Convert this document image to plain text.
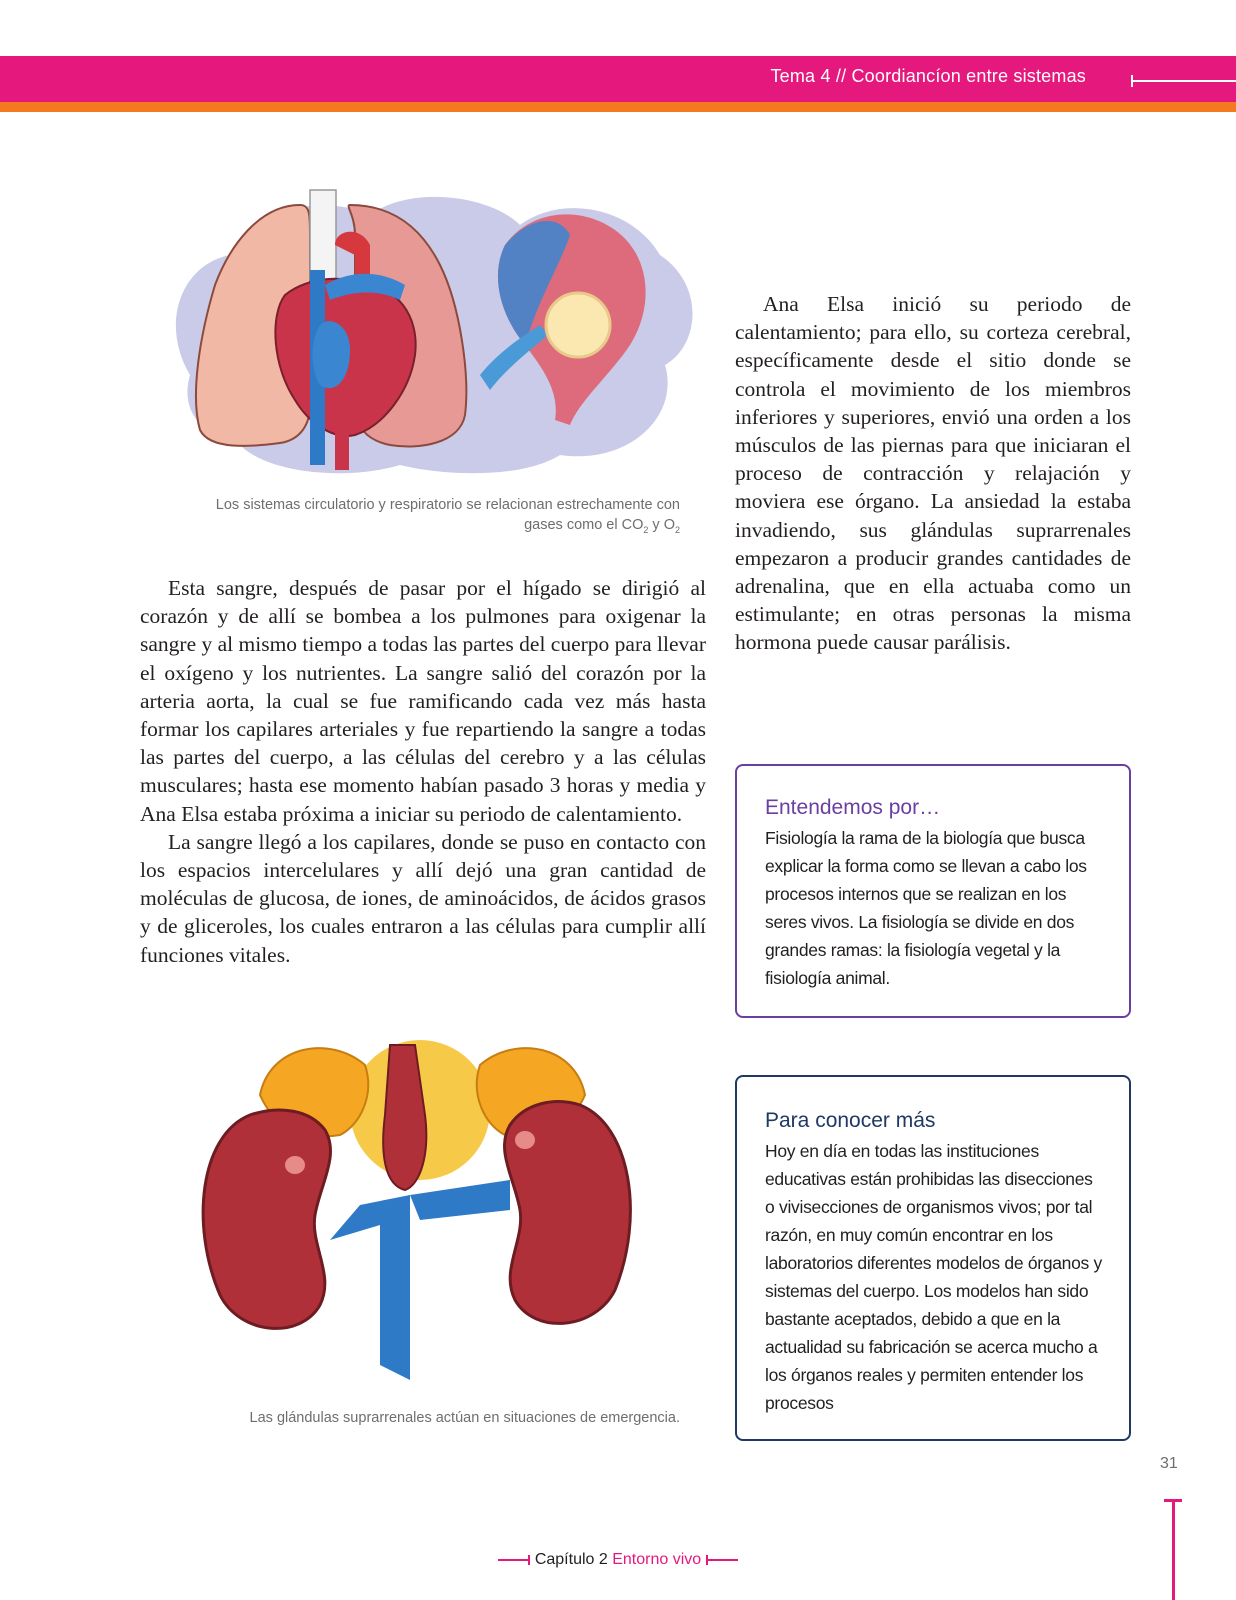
Tema 4 // Coordiancíon entre sistemas
Los sistemas circulatorio y respiratorio se relacionan estrechamente con
gases como el $CO_2$ y $O_2$

Esta sangre, después de pasar por el hígado se dirigió al corazón y de allí se bombea a los pulmones para oxigenar la sangre y al mismo tiempo a todas las partes del cuerpo para llevar el oxígeno y los nutrientes. La sangre salió del corazón por la arteria aorta, la cual se fue ramificando cada vez más hasta formar los capilares arteriales y fue repartiendo la sangre a todas las partes del cuerpo, a las células del cerebro y a las células musculares; hasta ese momento habían pasado 3 horas y media y Ana Elsa estaba próxima a iniciar su periodo de calentamiento.

La sangre llegó a los capilares, donde se puso en contacto con los espacios intercelulares y allí dejó una gran cantidad de moléculas de glucosa, de iones, de aminoácidos, de ácidos grasos y de gliceroles, los cuales entraron a las células para cumplir allí funciones vitales.

Ana Elsa inició su periodo de calentamiento; para ello, su corteza cerebral, específicamente desde el sitio donde se controla el movimiento de los miembros inferiores y superiores, envió una orden a los músculos de las piernas para que iniciaran el proceso de contracción y relajación y moviera ese órgano. La ansiedad la estaba invadiendo, sus glándulas suprarrenales empezaron a producir grandes cantidades de adrenalina, que en ella actuaba como un estimulante; en otras personas la misma hormona puede causar parálisis.

Entendemos por…

Fisiología la rama de la biología que busca explicar la forma como se llevan a cabo los procesos internos que se realizan en los seres vivos. La fisiología se divide en dos grandes ramas: la fisiología vegetal y la fisiología animal.

Las glándulas suprarrenales actúan en situaciones de emergencia.
Para conocer más

Hoy en día en todas las instituciones educativas están prohibidas las disecciones o vivisecciones de organismos vivos; por tal razón, en muy común encontrar en los laboratorios diferentes modelos de órganos y sistemas del cuerpo. Los modelos han sido bastante aceptados, debido a que en la actualidad su fabricación se acerca mucho a los órganos reales y permiten entender los procesos

31
Capítulo 2 Entorno vivo
